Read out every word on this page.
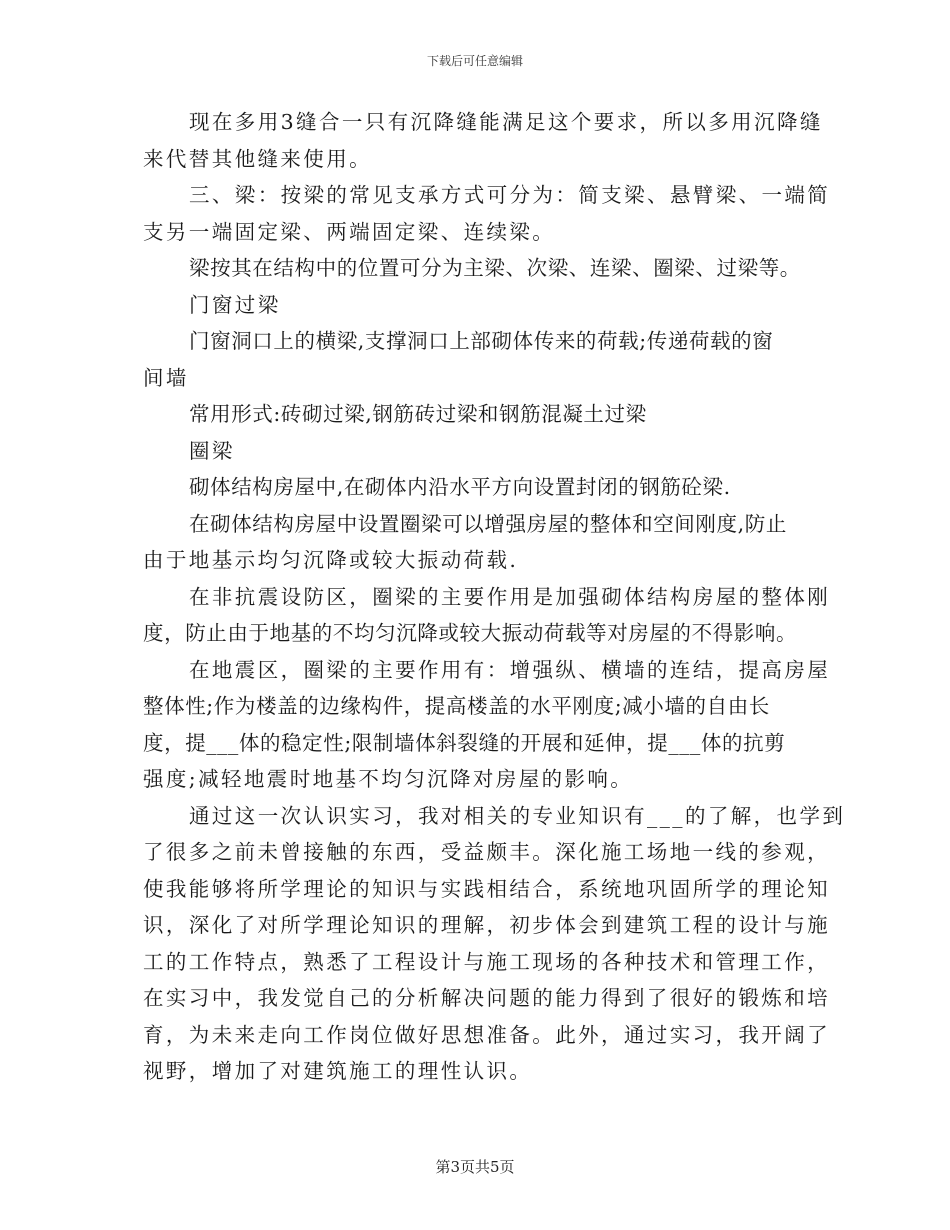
下载后可任意编辑
现在多用3缝合一只有沉降缝能满足这个要求，所以多用沉降缝
来代替其他缝来使用。
三、梁：按梁的常见支承方式可分为：简支梁、悬臂梁、一端简
支另一端固定梁、两端固定梁、连续梁。
梁按其在结构中的位置可分为主梁、次梁、连梁、圈梁、过梁等。
门窗过梁
门窗洞口上的横梁,支撑洞口上部砌体传来的荷载;传递荷载的窗
间墙
常用形式:砖砌过梁,钢筋砖过梁和钢筋混凝土过梁
圈梁
砌体结构房屋中,在砌体内沿水平方向设置封闭的钢筋砼梁.
在砌体结构房屋中设置圈梁可以增强房屋的整体和空间刚度,防止
由于地基示均匀沉降或较大振动荷载.
在非抗震设防区，圈梁的主要作用是加强砌体结构房屋的整体刚
度，防止由于地基的不均匀沉降或较大振动荷载等对房屋的不得影响。
在地震区，圈梁的主要作用有：增强纵、横墙的连结，提高房屋
整体性;作为楼盖的边缘构件，提高楼盖的水平刚度;减小墙的自由长
度，提___体的稳定性;限制墙体斜裂缝的开展和延伸，提___体的抗剪
强度;减轻地震时地基不均匀沉降对房屋的影响。
通过这一次认识实习，我对相关的专业知识有___的了解，也学到
了很多之前未曾接触的东西，受益颇丰。深化施工场地一线的参观，
使我能够将所学理论的知识与实践相结合，系统地巩固所学的理论知
识，深化了对所学理论知识的理解，初步体会到建筑工程的设计与施
工的工作特点，熟悉了工程设计与施工现场的各种技术和管理工作，
在实习中，我发觉自己的分析解决问题的能力得到了很好的锻炼和培
育，为未来走向工作岗位做好思想准备。此外，通过实习，我开阔了
视野，增加了对建筑施工的理性认识。
第3页共5页
